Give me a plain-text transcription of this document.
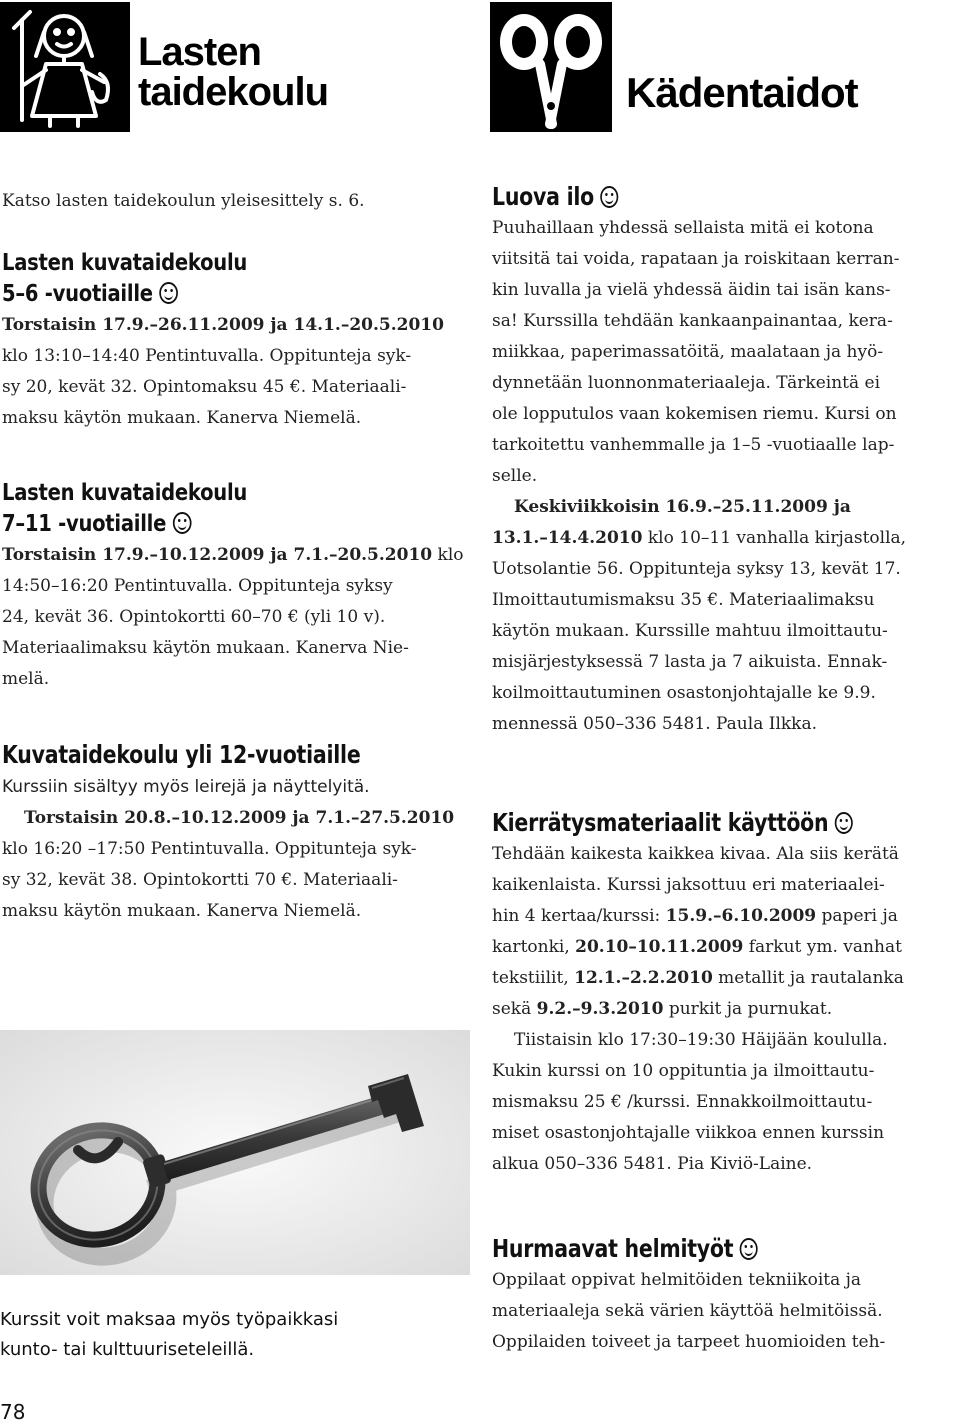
Lasten
taidekoulu
Katso lasten taidekoulun yleisesittely s. 6.
Lasten kuvataidekoulu
5–6 -vuotiaille
Torstaisin 17.9.–26.11.2009 ja 14.1.–20.5.2010
klo 13:10–14:40 Pentintuvalla. Oppitunteja syk-
sy 20, kevät 32. Opintomaksu 45 €. Materiaali-
maksu käytön mukaan. Kanerva Niemelä.
Lasten kuvataidekoulu
7–11 -vuotiaille
Torstaisin 17.9.–10.12.2009 ja 7.1.–20.5.2010 klo
14:50–16:20 Pentintuvalla. Oppitunteja syksy
24, kevät 36. Opintokortti 60–70 € (yli 10 v).
Materiaalimaksu käytön mukaan. Kanerva Nie-
melä.
Kuvataidekoulu yli 12-vuotiaille
Kurssiin sisältyy myös leirejä ja näyttelyitä.
Torstaisin 20.8.–10.12.2009 ja 7.1.–27.5.2010
klo 16:20 –17:50 Pentintuvalla. Oppitunteja syk-
sy 32, kevät 38. Opintokortti 70 €. Materiaali-
maksu käytön mukaan. Kanerva Niemelä.
Kurssit voit maksaa myös työpaikkasi
kunto- tai kulttuuriseteleillä.
78
Kädentaidot
Luova ilo
Puuhaillaan yhdessä sellaista mitä ei kotona
viitsitä tai voida, rapataan ja roiskitaan kerran-
kin luvalla ja vielä yhdessä äidin tai isän kans-
sa! Kurssilla tehdään kankaanpainantaa, kera-
miikkaa, paperimassatöitä, maalataan ja hyö-
dynnetään luonnonmateriaaleja. Tärkeintä ei
ole lopputulos vaan kokemisen riemu. Kursi on
tarkoitettu vanhemmalle ja 1–5 -vuotiaalle lap-
selle.
Keskiviikkoisin 16.9.–25.11.2009 ja
13.1.–14.4.2010 klo 10–11 vanhalla kirjastolla,
Uotsolantie 56. Oppitunteja syksy 13, kevät 17.
Ilmoittautumismaksu 35 €. Materiaalimaksu
käytön mukaan. Kurssille mahtuu ilmoittautu-
misjärjestyksessä 7 lasta ja 7 aikuista. Ennak-
koilmoittautuminen osastonjohtajalle ke 9.9.
mennessä 050–336 5481. Paula Ilkka.
Kierrätysmateriaalit käyttöön
Tehdään kaikesta kaikkea kivaa. Ala siis kerätä
kaikenlaista. Kurssi jaksottuu eri materiaalei-
hin 4 kertaa/kurssi: 15.9.–6.10.2009 paperi ja
kartonki, 20.10–10.11.2009 farkut ym. vanhat
tekstiilit, 12.1.–2.2.2010 metallit ja rautalanka
sekä 9.2.–9.3.2010 purkit ja purnukat.
Tiistaisin klo 17:30–19:30 Häijään koululla.
Kukin kurssi on 10 oppituntia ja ilmoittautu-
mismaksu 25 € /kurssi. Ennakkoilmoittautu-
miset osastonjohtajalle viikkoa ennen kurssin
alkua 050–336 5481. Pia Kiviö-Laine.
Hurmaavat helmityöt
Oppilaat oppivat helmitöiden tekniikoita ja
materiaaleja sekä värien käyttöä helmitöissä.
Oppilaiden toiveet ja tarpeet huomioiden teh-
